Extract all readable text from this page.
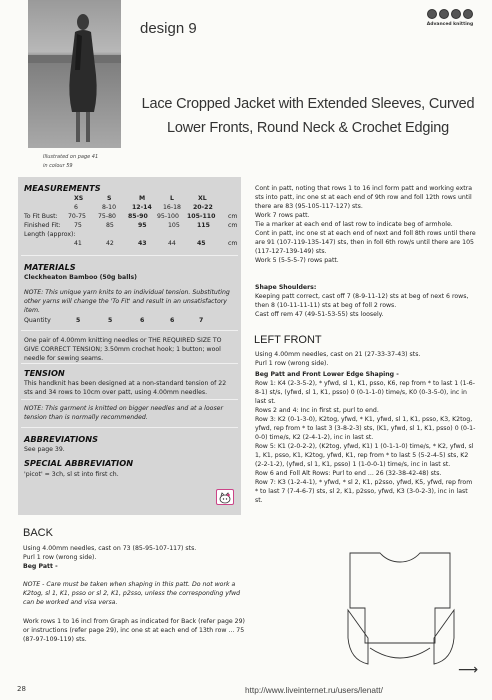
Illustrated on page 41
in colour 59
design 9	Advanced knitting
Lace Cropped Jacket with Extended Sleeves, Curved
Lower Fronts, Round Neck & Crochet Edging
MEASUREMENTS
XS	S	M	L	XL
6	8-10	12-14 16-18 20-22
To Fit Bust: 70-75 75-80 85-90 95-100 105-110 cm
Finished Fit: 75	85	95	105	115	cm
Length (approx):
41	42	43	44	45	cm
MATERIALS
Cleckheaton Bamboo (50g balls)
NOTE: This unique yarn knits to an individual tension. Substituting other yarns will change the 'To Fit' and result in an unsatisfactory item.
Quantity	5	5	6	6	7
One pair of 4.00mm knitting needles or THE REQUIRED SIZE TO GIVE CORRECT TENSION; 3.50mm crochet hook; 1 button; wool needle for sewing seams.
TENSION
This handknit has been designed at a non-standard tension of 22 sts and 34 rows to 10cm over patt, using 4.00mm needles.
NOTE: This garment is knitted on bigger needles and at a looser tension than is normally recommended.
ABBREVIATIONS
See page 39.
SPECIAL ABBREVIATION
'picot' = 3ch, sl st into first ch.
BACK
Using 4.00mm needles, cast on 73 (85-95-107-117) sts.
Purl 1 row (wrong side).
Beg Patt -
NOTE - Care must be taken when shaping in this patt. Do not work a K2tog, sl 1, K1, psso or sl 2, K1, p2sso, unless the corresponding yfwd can be worked and visa versa.
Work rows 1 to 16 incl from Graph as indicated for Back (refer page 29) or instructions (refer page 29), inc one st at each end of 13th row ... 75 (87-97-109-119) sts.
Cont in patt, noting that rows 1 to 16 incl form patt and working extra sts into patt, inc one st at each end of 9th row and foll 12th rows until there are 83 (95-105-117-127) sts.
Work 7 rows patt.
Tie a marker at each end of last row to indicate beg of armhole.
Cont in patt, inc one st at each end of next and foll 8th rows until there are 91 (107-119-135-147) sts, then in foll 6th row/s until there are 105 (117-127-139-149) sts.
Work 5 (5-5-5-7) rows patt.
Shape Shoulders:
Keeping patt correct, cast off 7 (8-9-11-12) sts at beg of next 6 rows, then 8 (10-11-11-11) sts at beg of foll 2 rows.
Cast off rem 47 (49-51-53-55) sts loosely.
LEFT FRONT
Using 4.00mm needles, cast on 21 (27-33-37-43) sts.
Purl 1 row (wrong side).
Beg Patt and Front Lower Edge Shaping -
Row 1: K4 (2-3-5-2), * yfwd, sl 1, K1, psso, K6, rep from * to last 1 (1-6-8-1) st/s, (yfwd, sl 1, K1, psso) 0 (0-1-1-0) time/s, K0 (0-3-5-0), inc in last st.
Rows 2 and 4: Inc in first st, purl to end.
Row 3: K2 (0-1-3-0), K2tog, yfwd, * K1, yfwd, sl 1, K1, psso, K3, K2tog, yfwd, rep from * to last 3 (3-8-2-3) sts, (K1, yfwd, sl 1, K1, psso) 0 (0-1-0-0) time/s, K2 (2-4-1-2), inc in last st.
Row 5: K1 (2-0-2-2), (K2tog, yfwd, K1) 1 (0-1-1-0) time/s, * K2, yfwd, sl 1, K1, psso, K1, K2tog, yfwd, K1, rep from * to last 5 (5-2-4-5) sts, K2 (2-2-1-2), (yfwd, sl 1, K1, psso) 1 (1-0-0-1) time/s, inc in last st.
Row 6 and Foll Alt Rows: Purl to end ... 26 (32-38-42-48) sts.
Row 7: K3 (1-2-4-1), * yfwd, * sl 2, K1, p2sso, yfwd, K5, yfwd, rep from * to last 7 (7-4-6-7) sts, sl 2, K1, p2sso, yfwd, K3 (3-0-2-3), inc in last st.
28
⟶
http://www.liveinternet.ru/users/lenatt/
